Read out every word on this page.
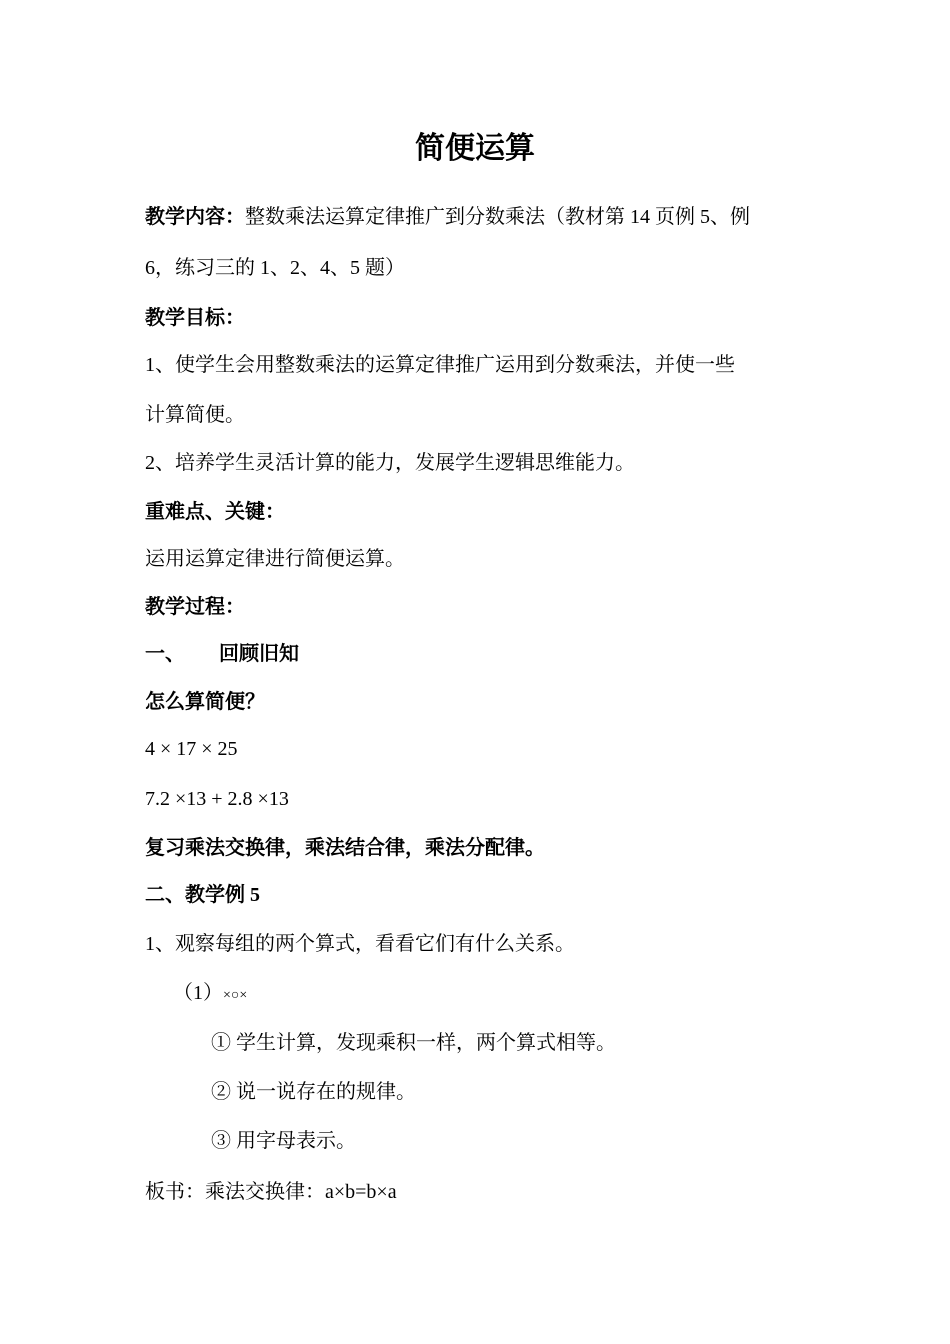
简便运算
教学内容：整数乘法运算定律推广到分数乘法（教材第 14 页例 5、例
6，练习三的 1、2、4、5 题）
教学目标：
1、使学生会用整数乘法的运算定律推广运用到分数乘法，并使一些
计算简便。
2、培养学生灵活计算的能力，发展学生逻辑思维能力。
重难点、关键：
运用运算定律进行简便运算。
教学过程：
一、 回顾旧知
怎么算简便？
4 × 17 × 25
7.2 ×13 + 2.8 ×13
复习乘法交换律，乘法结合律，乘法分配律。
二、教学例 5
1、观察每组的两个算式，看看它们有什么关系。
（1）×○×
① 学生计算，发现乘积一样，两个算式相等。
② 说一说存在的规律。
③ 用字母表示。
板书：乘法交换律：a×b=b×a
